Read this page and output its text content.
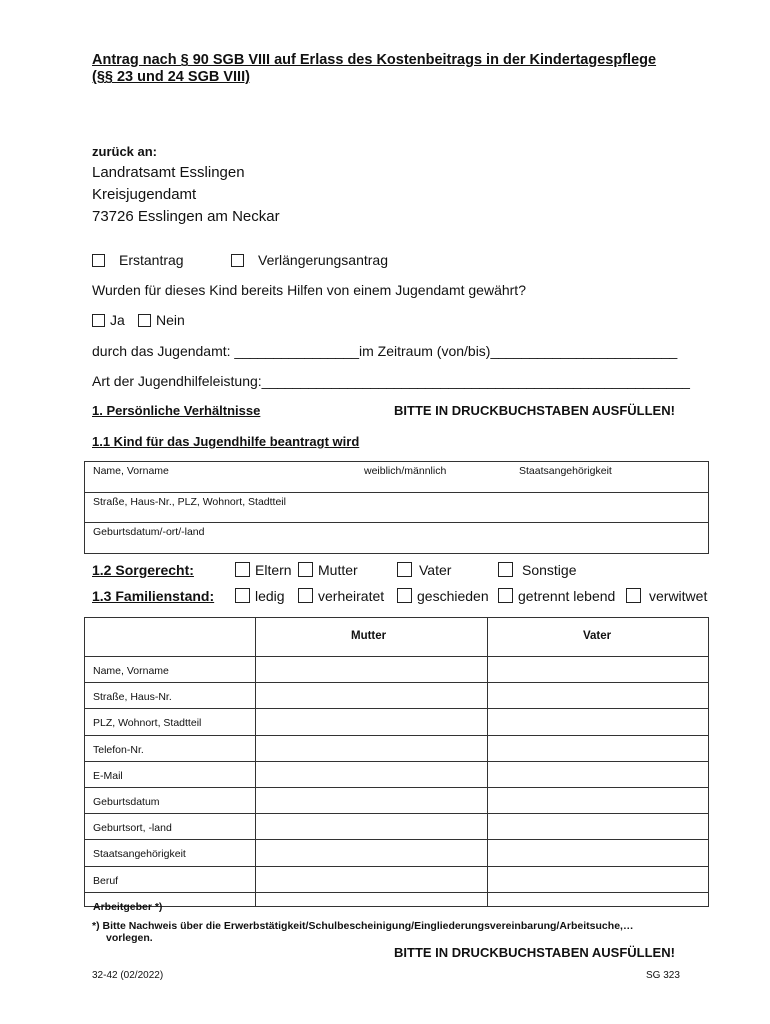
Antrag nach § 90 SGB VIII auf Erlass des Kostenbeitrags in der Kindertagespflege
(§§ 23 und 24 SGB VIII)
zurück an:
Landratsamt Esslingen
Kreisjugendamt
73726 Esslingen am Neckar
Erstantrag	Verlängerungsantrag
Wurden für dieses Kind bereits Hilfen von einem Jugendamt gewährt?
Ja	Nein
durch das Jugendamt: ________________im Zeitraum (von/bis)________________________
Art der Jugendhilfeleistung:_______________________________________________________
1. Persönliche Verhältnisse	BITTE IN DRUCKBUCHSTABEN AUSFÜLLEN!
1.1 Kind für das Jugendhilfe beantragt wird
Name, Vorname	weiblich/männlich	Staatsangehörigkeit
Straße, Haus-Nr., PLZ, Wohnort, Stadtteil
Geburtsdatum/-ort/-land
1.2 Sorgerecht:	Eltern	Mutter	Vater	Sonstige
1.3 Familienstand:	ledig	verheiratet	geschieden	getrennt lebend	verwitwet
Mutter	Vater
Name, Vorname
Straße, Haus-Nr.
PLZ, Wohnort, Stadtteil
Telefon-Nr.
E-Mail
Geburtsdatum
Geburtsort, -land
Staatsangehörigkeit
Beruf
Arbeitgeber *)
*) Bitte Nachweis über die Erwerbstätigkeit/Schulbescheinigung/Eingliederungsvereinbarung/Arbeitsuche,…
vorlegen.
BITTE IN DRUCKBUCHSTABEN AUSFÜLLEN!
32-42 (02/2022)	SG 323
